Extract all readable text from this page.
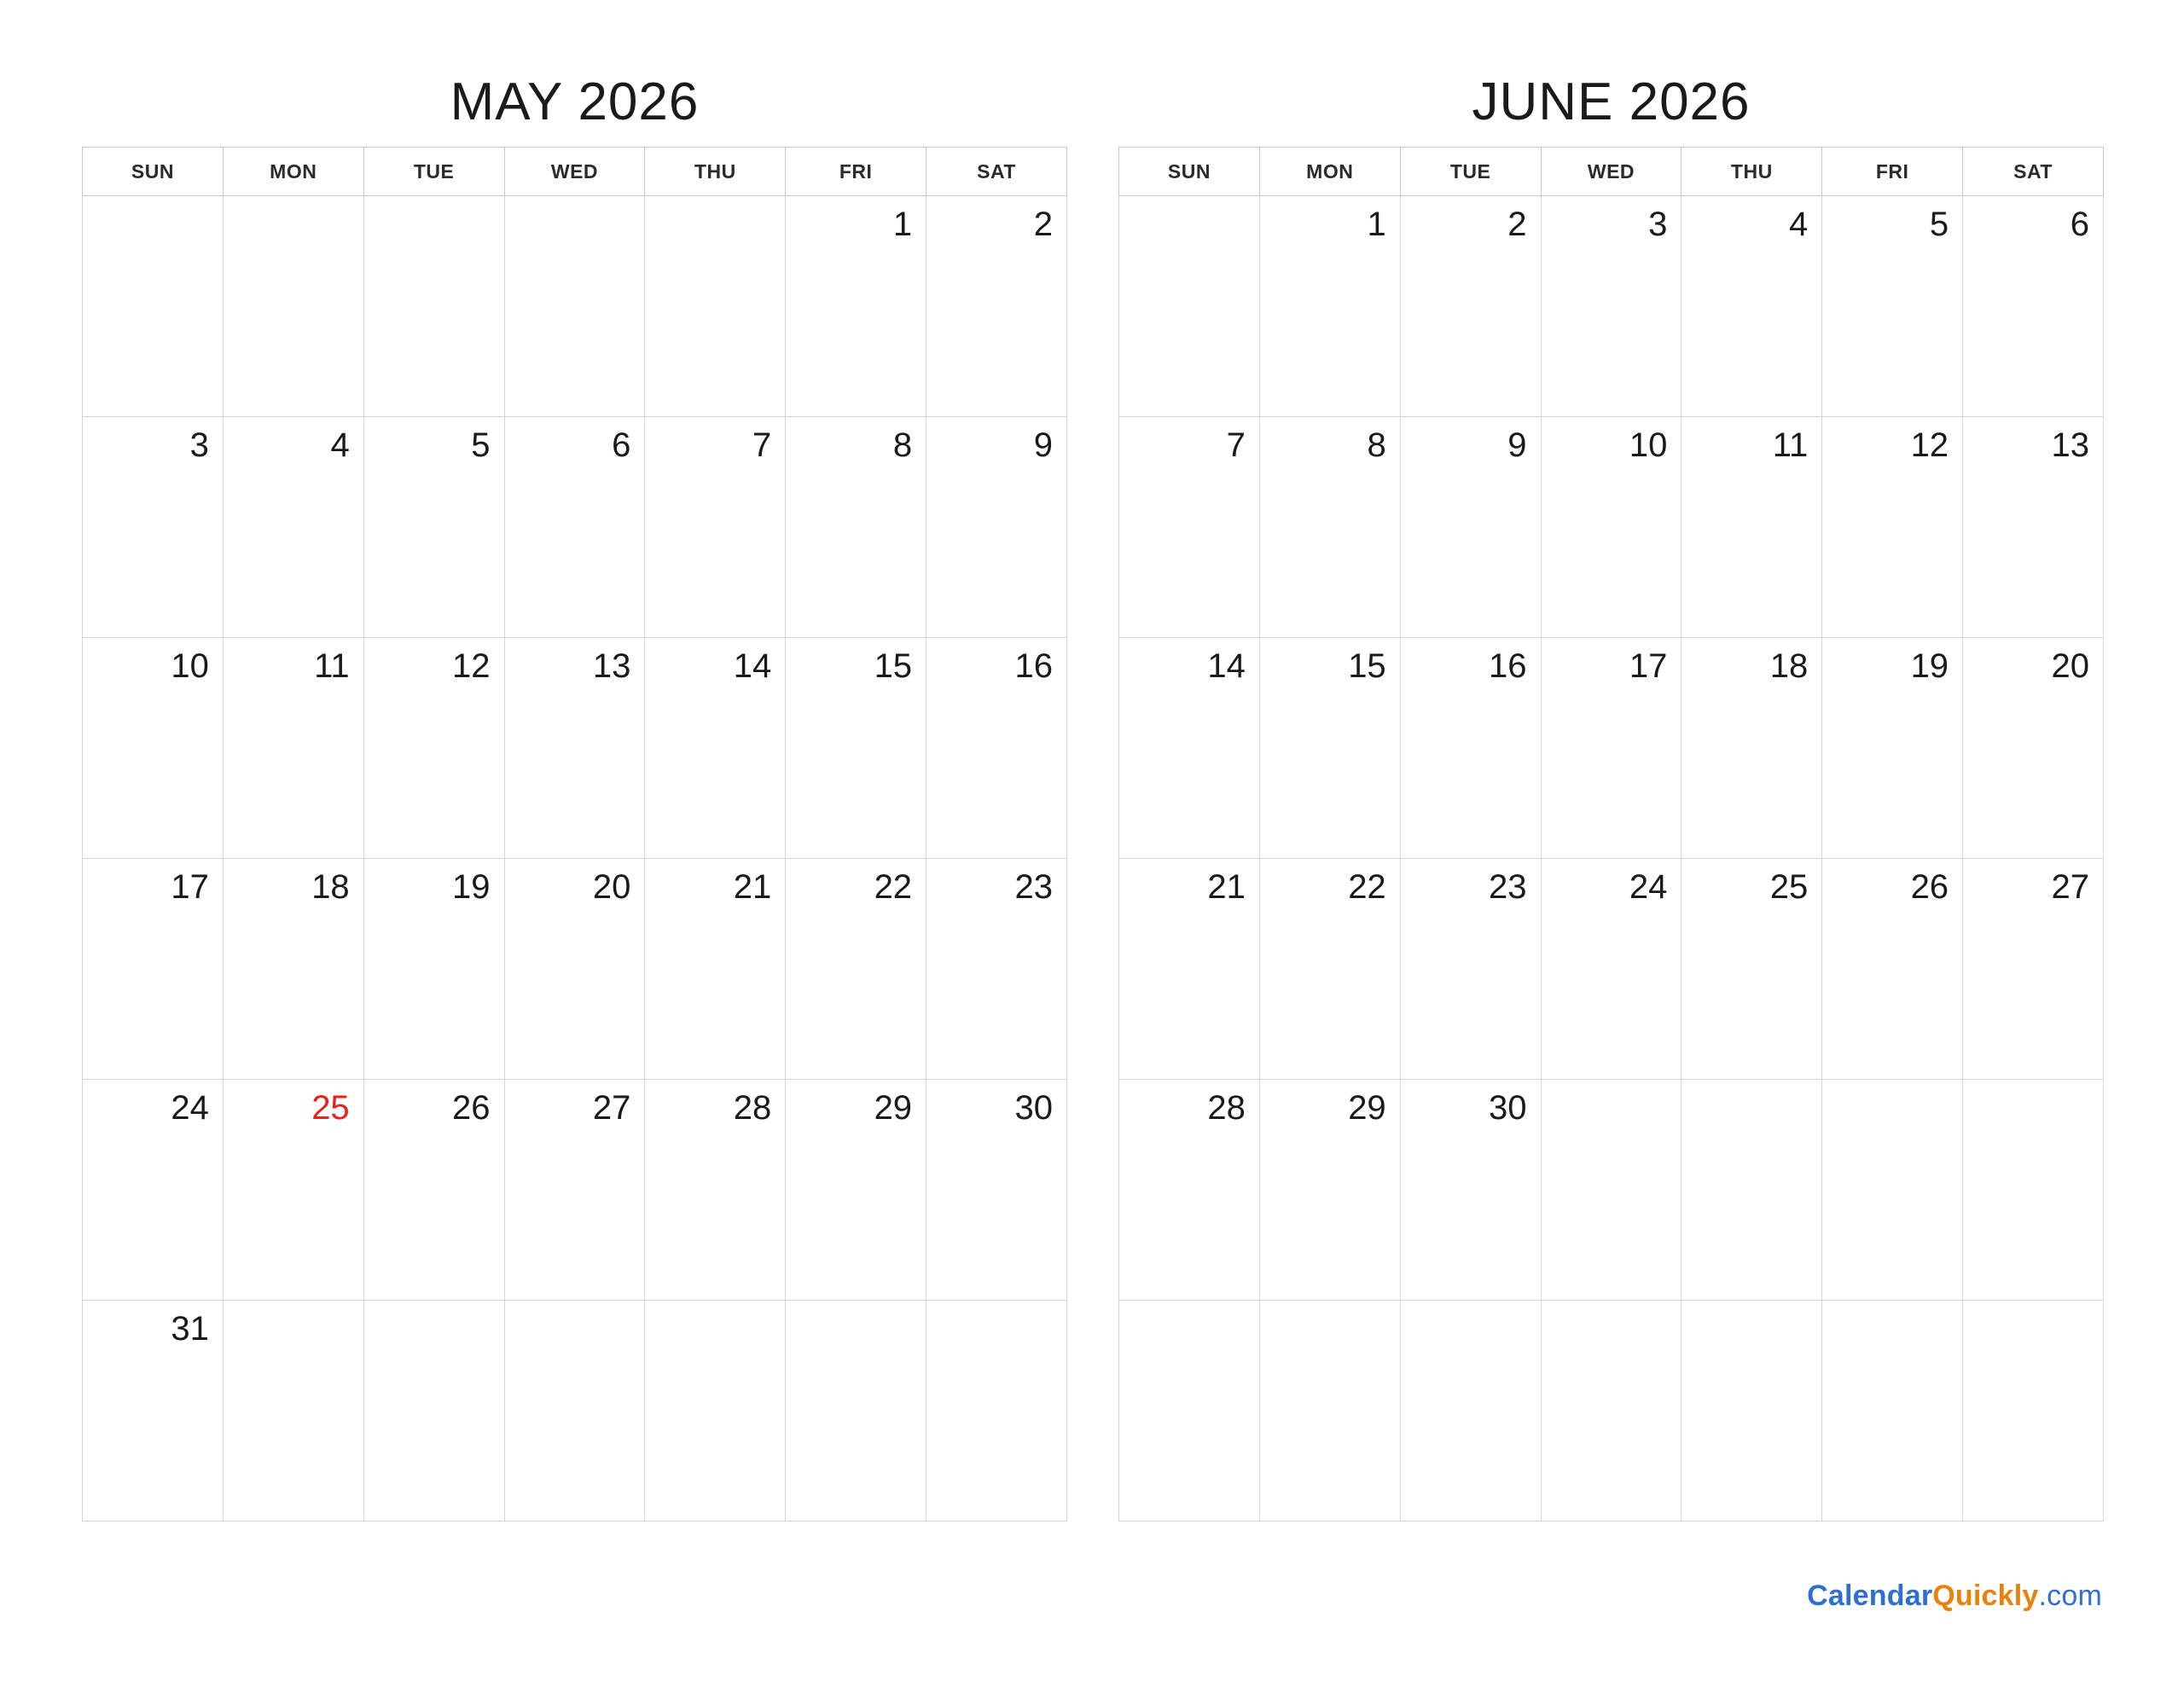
MAY 2026
SUN	MON	TUE	WED	THU	FRI	SAT

					1	2

3	4	5	6	7	8	9

10	11	12	13	14	15	16

17	18	19	20	21	22	23

24	25	26	27	28	29	30

31						

JUNE 2026
SUN	MON	TUE	WED	THU	FRI	SAT

	1	2	3	4	5	6

7	8	9	10	11	12	13

14	15	16	17	18	19	20

21	22	23	24	25	26	27

28	29	30				

CalendarQuickly.com
